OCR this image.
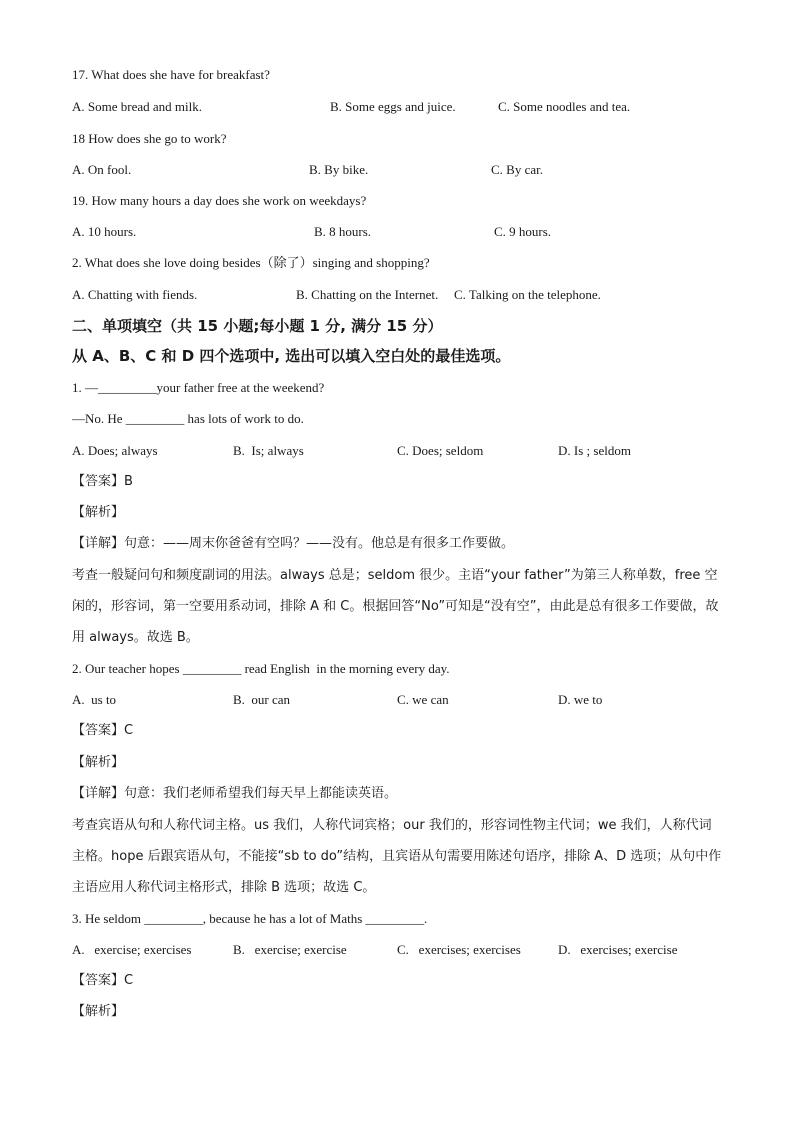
17. What does she have for breakfast?
A. Some bread and milk.	B. Some eggs and juice.	C. Some noodles and tea.
18 How does she go to work?
A. On fool.	B. By bike.	C. By car.
19. How many hours a day does she work on weekdays?
A. 10 hours.	B. 8 hours.	C. 9 hours.
2. What does she love doing besides（除了）singing and shopping?
A. Chatting with fiends.	B. Chatting on the Internet. C. Talking on the telephone.
二、单项填空（共 15 小题;每小题 1 分, 满分 15 分）
从 A、B、C 和 D 四个选项中, 选出可以填入空白处的最佳选项。
1. —_________your father free at the weekend?
—No. He _________ has lots of work to do.
A. Does; always	B.  Is; always	C. Does; seldom	D. Is ; seldom
【答案】B
【解析】
【详解】句意：——周末你爸爸有空吗？——没有。他总是有很多工作要做。
考查一般疑问句和频度副词的用法。always 总是；seldom 很少。主语“your father”为第三人称单数，free 空闲的，形容词，第一空要用系动词，排除 A 和 C。根据回答“No”可知是“没有空”，由此是总有很多工作要做，故用 always。故选 B。
2. Our teacher hopes _________ read English  in the morning every day.
A.  us to	B.  our can	C. we can	D. we to
【答案】C
【解析】
【详解】句意：我们老师希望我们每天早上都能读英语。
考查宾语从句和人称代词主格。us 我们，人称代词宾格；our 我们的，形容词性物主代词；we 我们，人称代词主格。hope 后跟宾语从句，不能接“sb to do”结构，且宾语从句需要用陈述句语序，排除 A、D 选项；从句中作主语应用人称代词主格形式，排除 B 选项；故选 C。
3. He seldom _________, because he has a lot of Maths _________.
A.   exercise; exercises	B.   exercise; exercise	C.   exercises; exercises	D.   exercises; exercise
【答案】C
【解析】
